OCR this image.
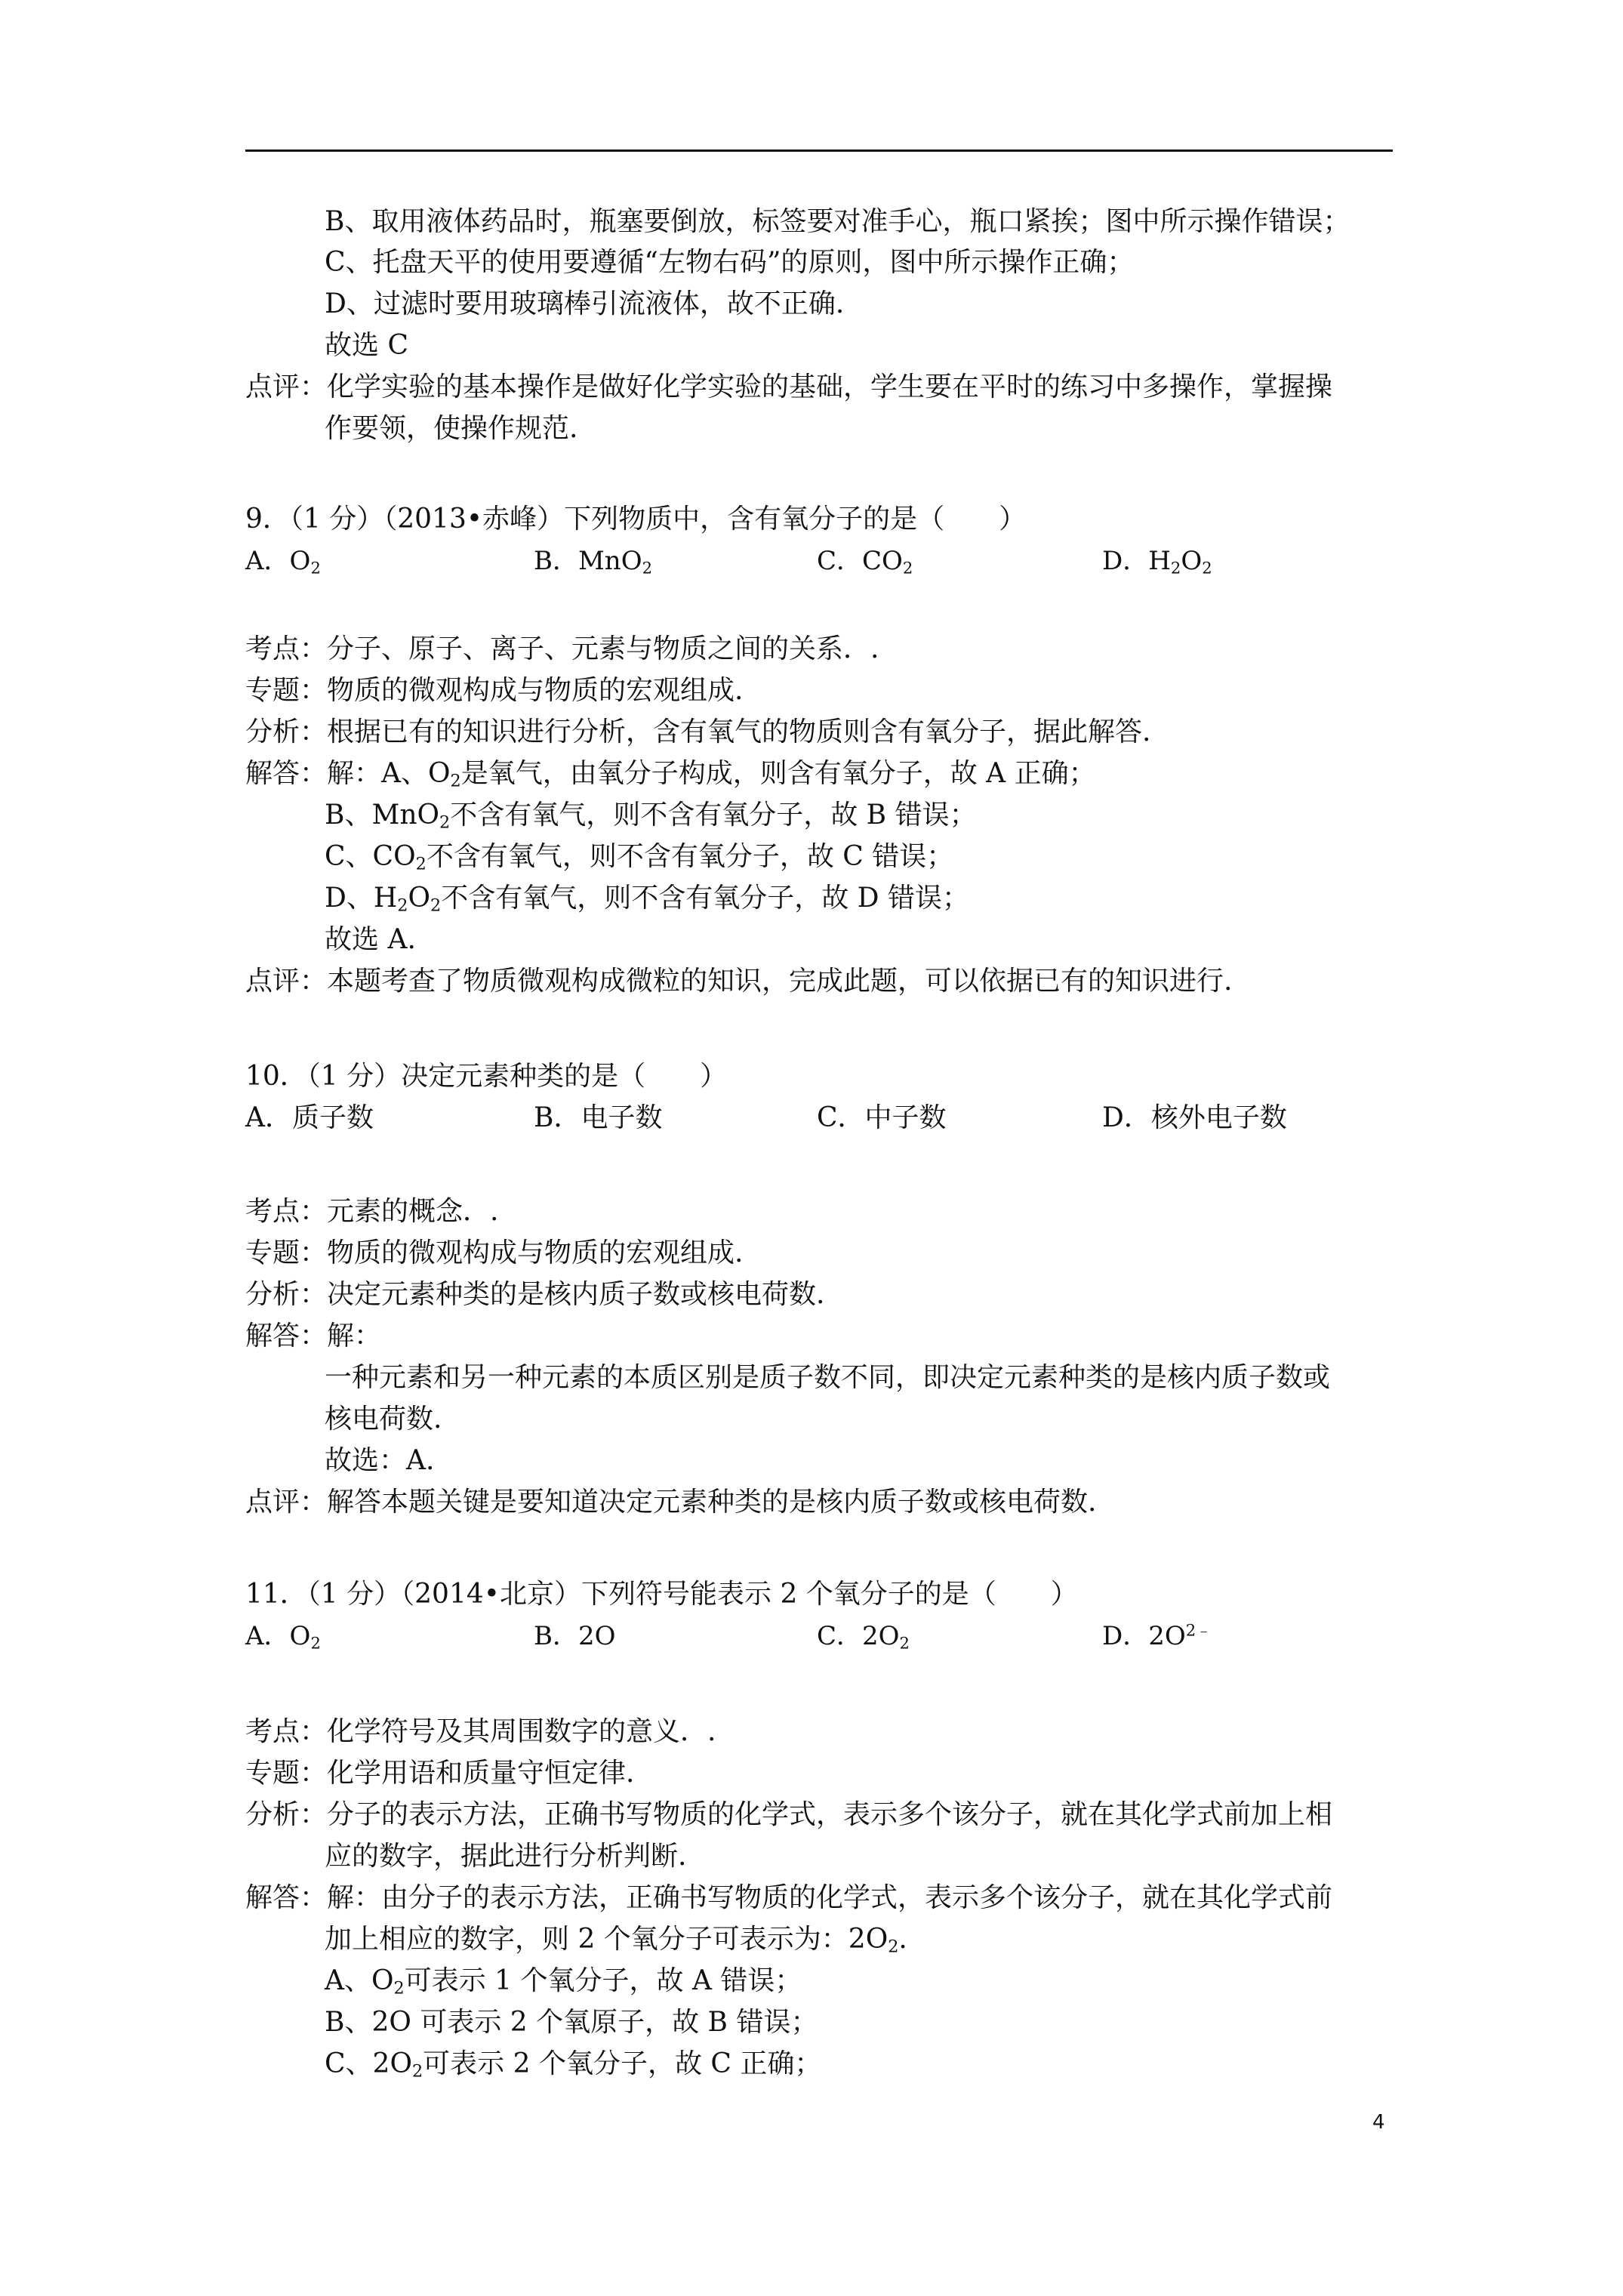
B、取用液体药品时，瓶塞要倒放，标签要对准手心，瓶口紧挨；图中所示操作错误；
C、托盘天平的使用要遵循“左物右码”的原则，图中所示操作正确；
D、过滤时要用玻璃棒引流液体，故不正确.
故选 C
点评：化学实验的基本操作是做好化学实验的基础，学生要在平时的练习中多操作，掌握操
作要领，使操作规范.
9．（1 分）（2013•赤峰）下列物质中，含有氧分子的是（　　）
A．$O_2$	B．MnO$_2$	C．$CO_2$	D．$H_2O_2$
考点：分子、原子、离子、元素与物质之间的关系．.
专题：物质的微观构成与物质的宏观组成.
分析：根据已有的知识进行分析，含有氧气的物质则含有氧分子，据此解答.
解答：解：A、$O_2$是氧气，由氧分子构成，则含有氧分子，故 A 正确；
B、MnO$_2$不含有氧气，则不含有氧分子，故 B 错误；
C、$CO_2$不含有氧气，则不含有氧分子，故 C 错误；
D、$H_2O_2$不含有氧气，则不含有氧分子，故 D 错误；
故选 A.
点评：本题考查了物质微观构成微粒的知识，完成此题，可以依据已有的知识进行.
10．（1 分）决定元素种类的是（　　）
A．质子数	B．电子数	C．中子数	D．核外电子数
考点：元素的概念．.
专题：物质的微观构成与物质的宏观组成.
分析：决定元素种类的是核内质子数或核电荷数.
解答：解：
一种元素和另一种元素的本质区别是质子数不同，即决定元素种类的是核内质子数或
核电荷数.
故选：A.
点评：解答本题关键是要知道决定元素种类的是核内质子数或核电荷数.
11．（1 分）（2014•北京）下列符号能表示 2 个氧分子的是（　　）
A．$O_2$	B．2O	C．$2O_2$	D．$2O^{2﹣}$
考点：化学符号及其周围数字的意义．.
专题：化学用语和质量守恒定律.
分析：分子的表示方法，正确书写物质的化学式，表示多个该分子，就在其化学式前加上相
应的数字，据此进行分析判断.
解答：解：由分子的表示方法，正确书写物质的化学式，表示多个该分子，就在其化学式前
加上相应的数字，则 2 个氧分子可表示为：$2O_2$.
A、$O_2$可表示 1 个氧分子，故 A 错误；
B、2O 可表示 2 个氧原子，故 B 错误；
C、$2O_2$可表示 2 个氧分子，故 C 正确；
4
